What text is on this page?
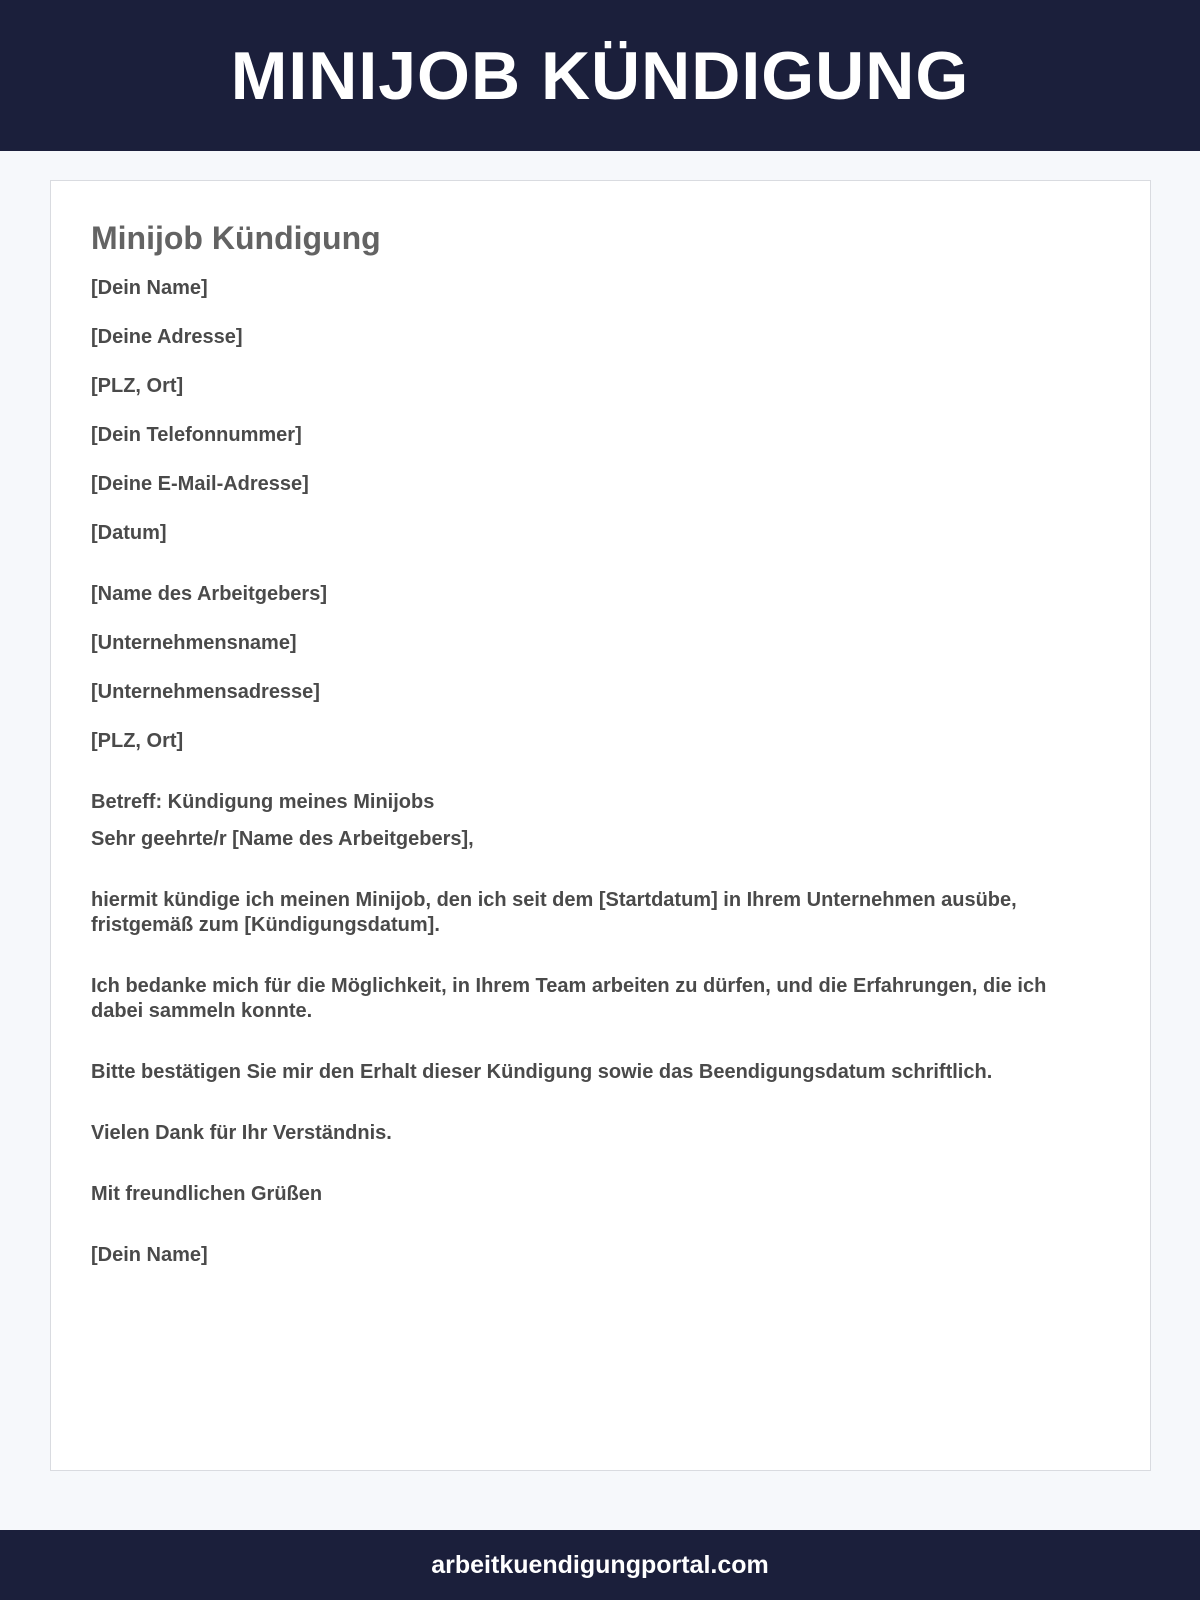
MINIJOB KÜNDIGUNG
Minijob Kündigung
[Dein Name]
[Deine Adresse]
[PLZ, Ort]
[Dein Telefonnummer]
[Deine E-Mail-Adresse]
[Datum]
[Name des Arbeitgebers]
[Unternehmensname]
[Unternehmensadresse]
[PLZ, Ort]
Betreff: Kündigung meines Minijobs
Sehr geehrte/r [Name des Arbeitgebers],
hiermit kündige ich meinen Minijob, den ich seit dem [Startdatum] in Ihrem Unternehmen ausübe, fristgemäß zum [Kündigungsdatum].
Ich bedanke mich für die Möglichkeit, in Ihrem Team arbeiten zu dürfen, und die Erfahrungen, die ich dabei sammeln konnte.
Bitte bestätigen Sie mir den Erhalt dieser Kündigung sowie das Beendigungsdatum schriftlich.
Vielen Dank für Ihr Verständnis.
Mit freundlichen Grüßen
[Dein Name]
arbeitkuendigungportal.com
